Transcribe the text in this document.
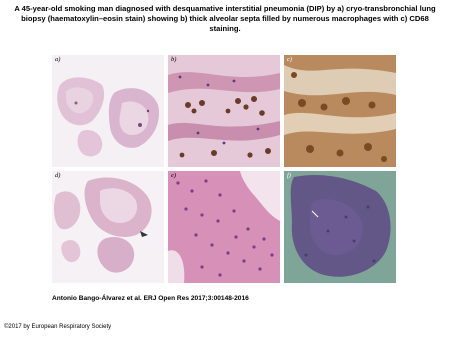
A 45-year-old smoking man diagnosed with desquamative interstitial pneumonia (DIP) by a) cryo-transbronchial lung biopsy (haematoxylin–eosin stain) showing b) thick alveolar septa filled by numerous macrophages with c) CD68 staining.
a)	b)	c)
d)	e)	f)
Antonio Bango-Álvarez et al. ERJ Open Res 2017;3:00148-2016
©2017 by European Respiratory Society
